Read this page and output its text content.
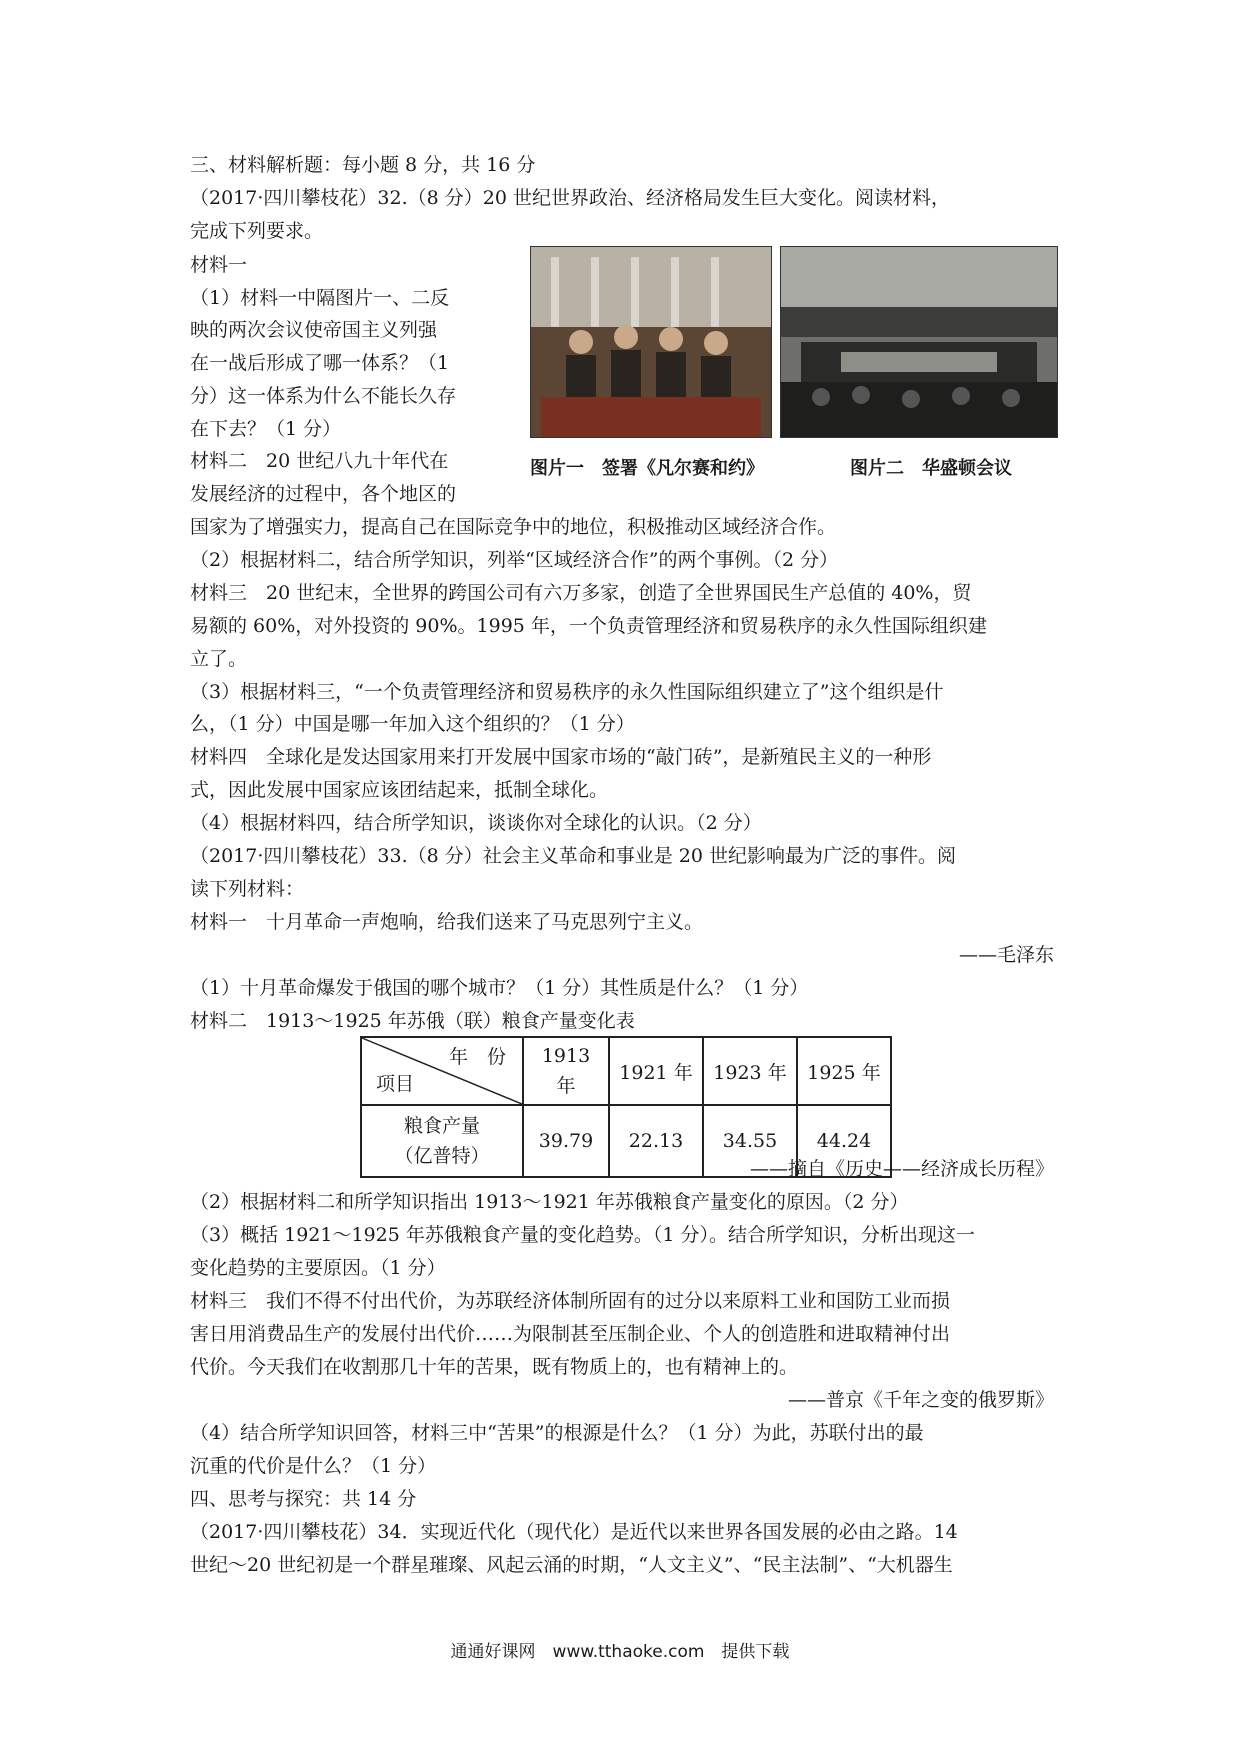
三、材料解析题：每小题 8 分，共 16 分
（2017·四川攀枝花）32.（8 分）20 世纪世界政治、经济格局发生巨大变化。阅读材料，
完成下列要求。
材料一
（1）材料一中隔图片一、二反
映的两次会议使帝国主义列强
在一战后形成了哪一体系？（1
分）这一体系为什么不能长久存
在下去？（1 分）
材料二　20 世纪八九十年代在
发展经济的过程中，各个地区的
国家为了增强实力，提高自己在国际竞争中的地位，积极推动区域经济合作。
图片一　签署《凡尔赛和约》	图片二　华盛顿会议
（2）根据材料二，结合所学知识，列举“区域经济合作”的两个事例。（2 分）
材料三　20 世纪末，全世界的跨国公司有六万多家，创造了全世界国民生产总值的 40%，贸
易额的 60%，对外投资的 90%。1995 年，一个负责管理经济和贸易秩序的永久性国际组织建
立了。
（3）根据材料三，“一个负责管理经济和贸易秩序的永久性国际组织建立了”这个组织是什
么，（1 分）中国是哪一年加入这个组织的？（1 分）
材料四　全球化是发达国家用来打开发展中国家市场的“敲门砖”，是新殖民主义的一种形
式，因此发展中国家应该团结起来，抵制全球化。
（4）根据材料四，结合所学知识，谈谈你对全球化的认识。（2 分）
（2017·四川攀枝花）33.（8 分）社会主义革命和事业是 20 世纪影响最为广泛的事件。阅
读下列材料：
材料一　十月革命一声炮响，给我们送来了马克思列宁主义。
——毛泽东
（1）十月革命爆发于俄国的哪个城市？（1 分）其性质是什么？（1 分）
材料二　1913～1925 年苏俄（联）粮食产量变化表
年　份
项目	1913 年	1921 年	1923 年	1925 年

粮食产量
（亿普特）	39.79	22.13	34.55	44.24
——摘自《历史——经济成长历程》
（2）根据材料二和所学知识指出 1913～1921 年苏俄粮食产量变化的原因。（2 分）
（3）概括 1921～1925 年苏俄粮食产量的变化趋势。（1 分）。结合所学知识，分析出现这一
变化趋势的主要原因。（1 分）
材料三　我们不得不付出代价，为苏联经济体制所固有的过分以来原料工业和国防工业而损
害日用消费品生产的发展付出代价……为限制甚至压制企业、个人的创造胜和进取精神付出
代价。今天我们在收割那几十年的苦果，既有物质上的，也有精神上的。
——普京《千年之变的俄罗斯》
（4）结合所学知识回答，材料三中“苦果”的根源是什么？（1 分）为此，苏联付出的最
沉重的代价是什么？（1 分）
四、思考与探究：共 14 分
（2017·四川攀枝花）34．实现近代化（现代化）是近代以来世界各国发展的必由之路。14
世纪～20 世纪初是一个群星璀璨、风起云涌的时期，“人文主义”、“民主法制”、“大机器生
通通好课网　www.tthaoke.com　提供下载
